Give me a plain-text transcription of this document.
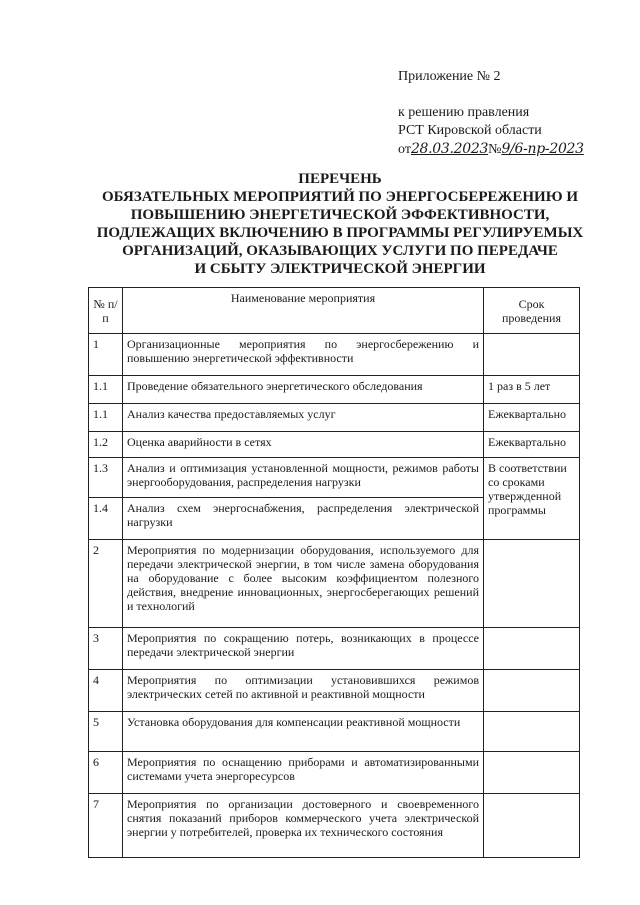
Приложение № 2
к решению правления
РСТ Кировской области
от28.03.2023№9/6-пр-2023
ПЕРЕЧЕНЬ
ОБЯЗАТЕЛЬНЫХ МЕРОПРИЯТИЙ ПО ЭНЕРГОСБЕРЕЖЕНИЮ И
ПОВЫШЕНИЮ ЭНЕРГЕТИЧЕСКОЙ ЭФФЕКТИВНОСТИ,
ПОДЛЕЖАЩИХ ВКЛЮЧЕНИЮ В ПРОГРАММЫ РЕГУЛИРУЕМЫХ
ОРГАНИЗАЦИЙ, ОКАЗЫВАЮЩИХ УСЛУГИ ПО ПЕРЕДАЧЕ
И СБЫТУ ЭЛЕКТРИЧЕСКОЙ ЭНЕРГИИ
№ п/п	Наименование мероприятия	Срок проведения
1	Организационные мероприятия по энергосбережению и повышению энергетической эффективности	
1.1	Проведение обязательного энергетического обследования	1 раз в 5 лет
1.1	Анализ качества предоставляемых услуг	Ежеквартально
1.2	Оценка аварийности в сетях	Ежеквартально
1.3	Анализ и оптимизация установленной мощности, режимов работы энергооборудования, распределения нагрузки	В соответствии со сроками утвержденной программы
1.4	Анализ схем энергоснабжения, распределения электрической нагрузки	
2	Мероприятия по модернизации оборудования, используемого для передачи электрической энергии, в том числе замена оборудования на оборудование с более высоким коэффициентом полезного действия, внедрение инновационных, энергосберегающих решений и технологий	
3	Мероприятия по сокращению потерь, возникающих в процессе передачи электрической энергии	
4	Мероприятия по оптимизации установившихся режимов электрических сетей по активной и реактивной мощности	
5	Установка оборудования для компенсации реактивной мощности	
6	Мероприятия по оснащению приборами и автоматизированными системами учета энергоресурсов	
7	Мероприятия по организации достоверного и своевременного снятия показаний приборов коммерческого учета электрической энергии у потребителей, проверка их технического состояния	
